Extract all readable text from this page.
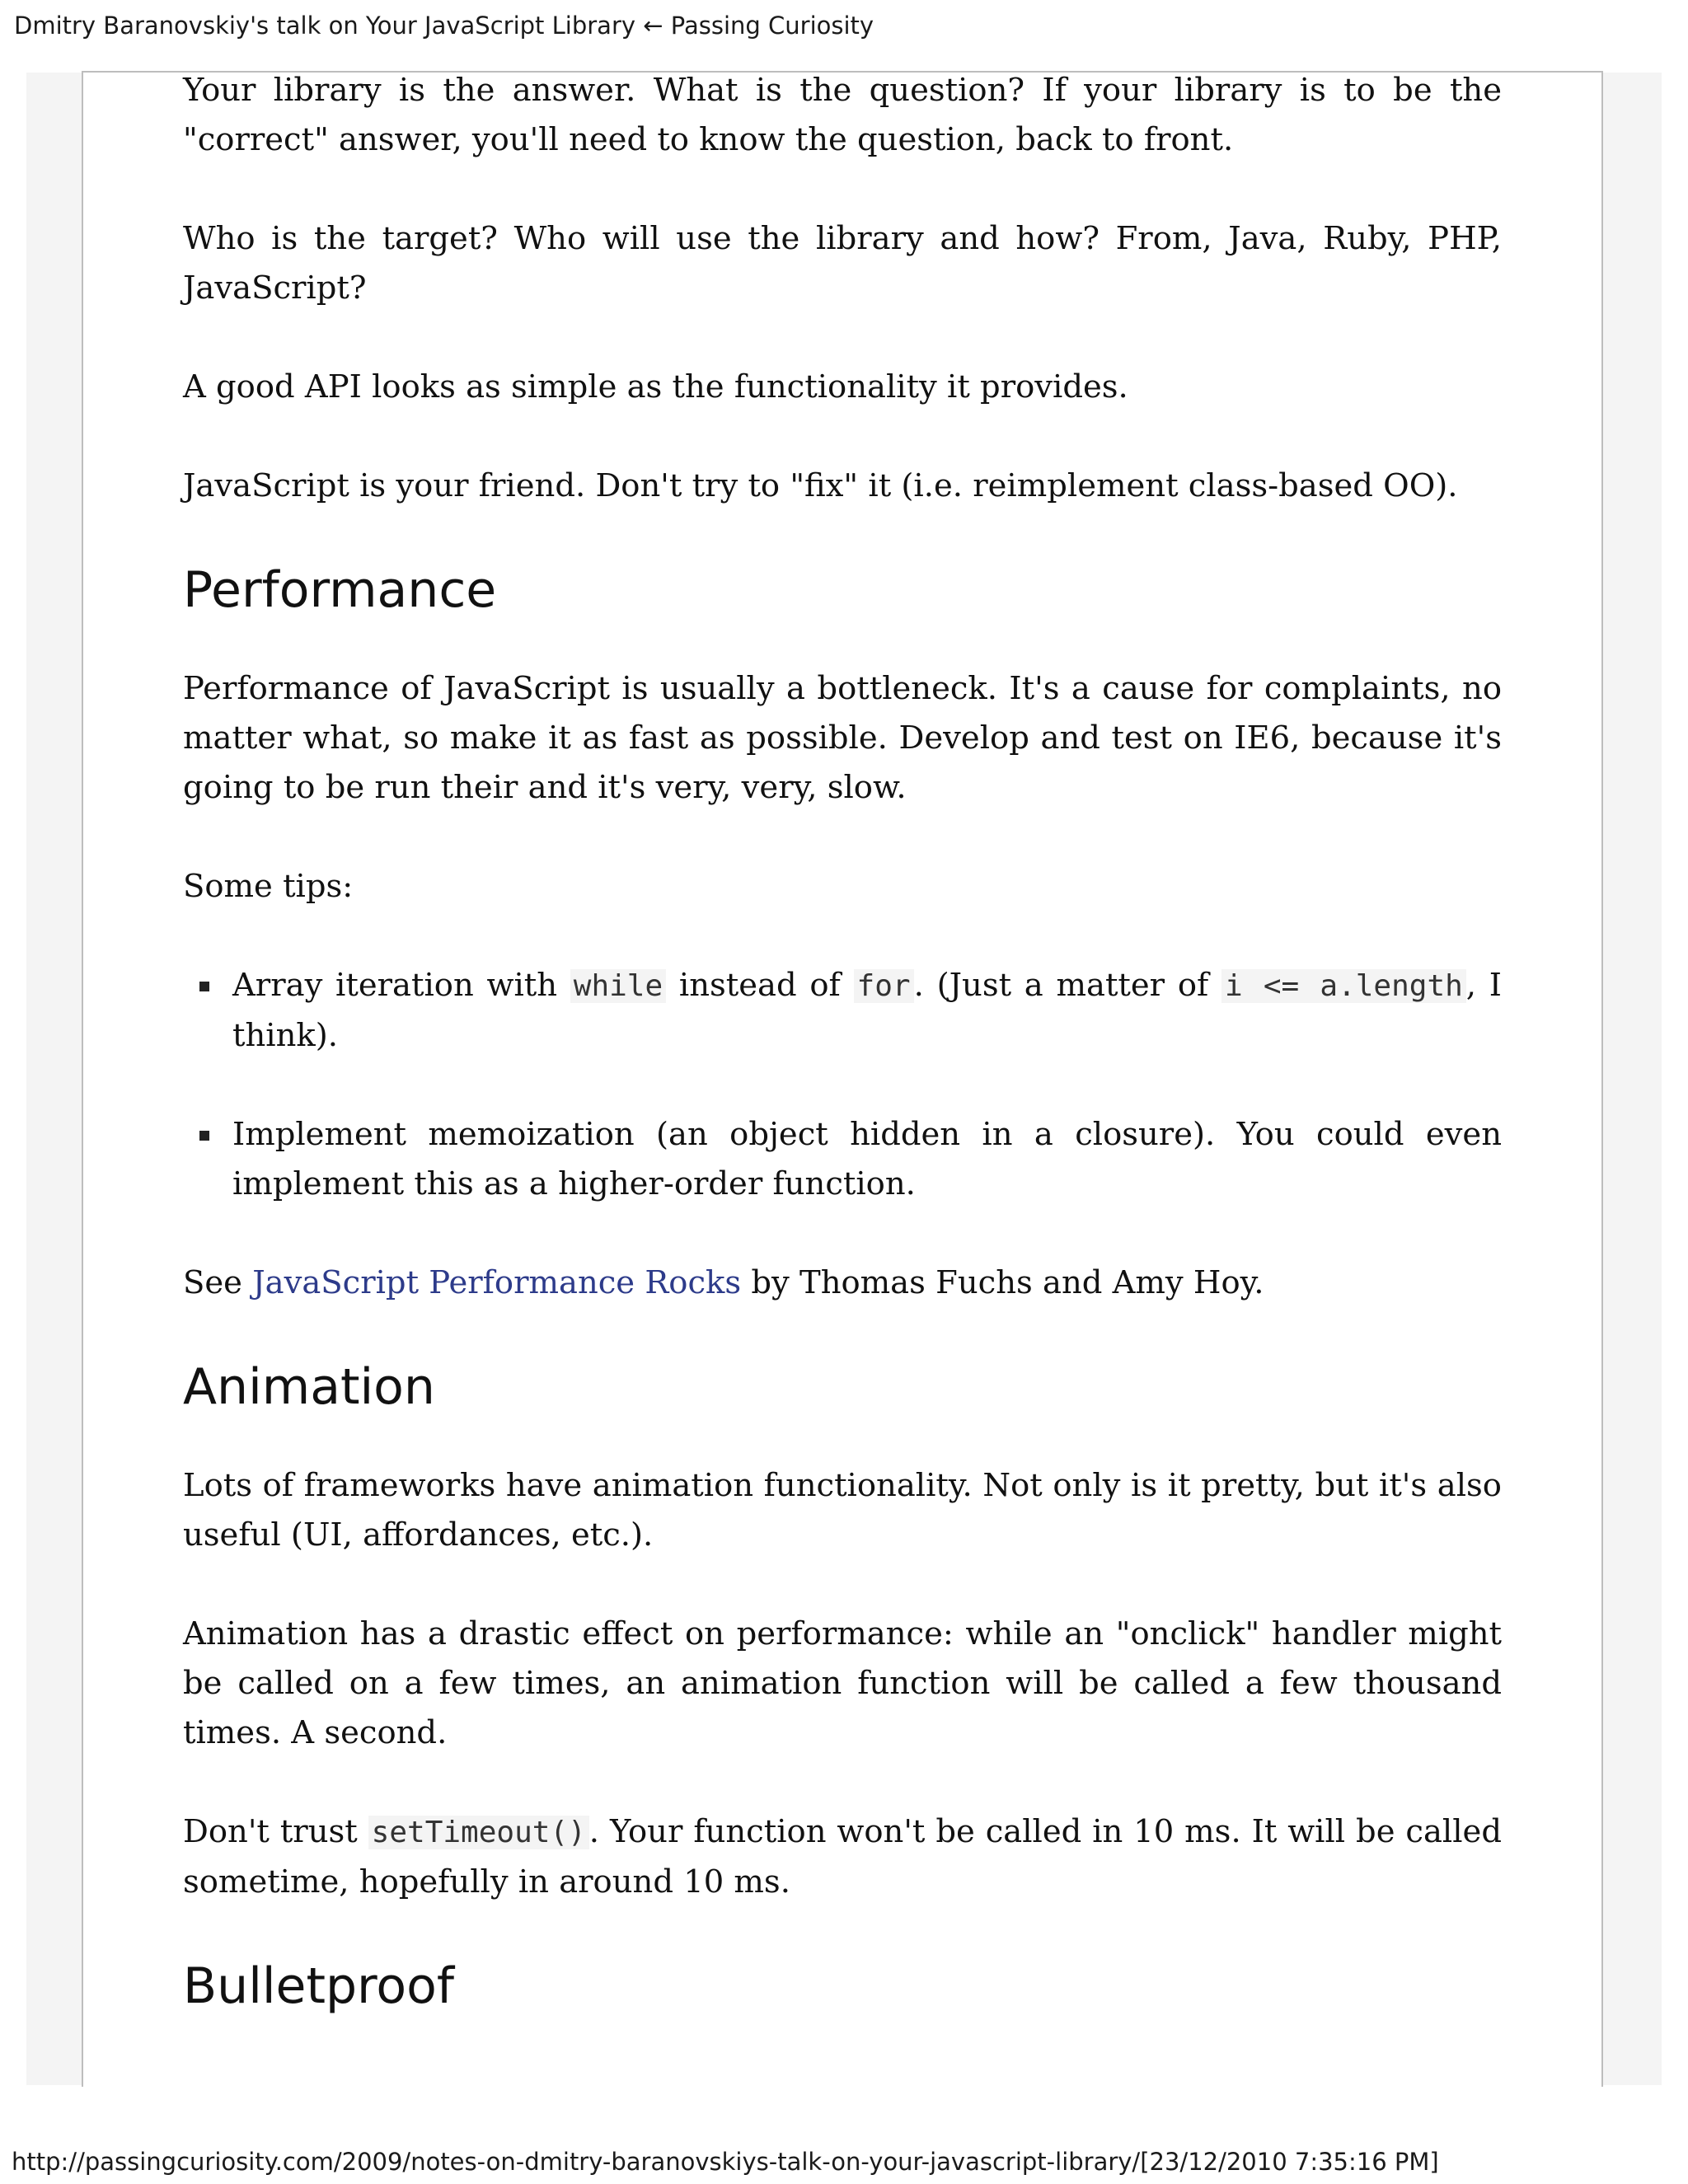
Dmitry Baranovskiy's talk on Your JavaScript Library ← Passing Curiosity

Your library is the answer. What is the question? If your library is to be the "correct" answer, you'll need to know the question, back to front.

Who is the target? Who will use the library and how? From, Java, Ruby, PHP, JavaScript?

A good API looks as simple as the functionality it provides.

JavaScript is your friend. Don't try to "fix" it (i.e. reimplement class-based OO).

Performance

Performance of JavaScript is usually a bottleneck. It's a cause for complaints, no matter what, so make it as fast as possible. Develop and test on IE6, because it's going to be run their and it's very, very, slow.

Some tips:

Array iteration with while instead of for . (Just a matter of i <= a.length , I think).
Implement memoization (an object hidden in a closure). You could even implement this as a higher-order function.

See JavaScript Performance Rocks by Thomas Fuchs and Amy Hoy.

Animation

Lots of frameworks have animation functionality. Not only is it pretty, but it's also useful (UI, affordances, etc.).

Animation has a drastic effect on performance: while an "onclick" handler might be called on a few times, an animation function will be called a few thousand times. A second.

Don't trust setTimeout() . Your function won't be called in 10 ms. It will be called sometime, hopefully in around 10 ms.

Bulletproof
http://passingcuriosity.com/2009/notes-on-dmitry-baranovskiys-talk-on-your-javascript-library/[23/12/2010 7:35:16 PM]
